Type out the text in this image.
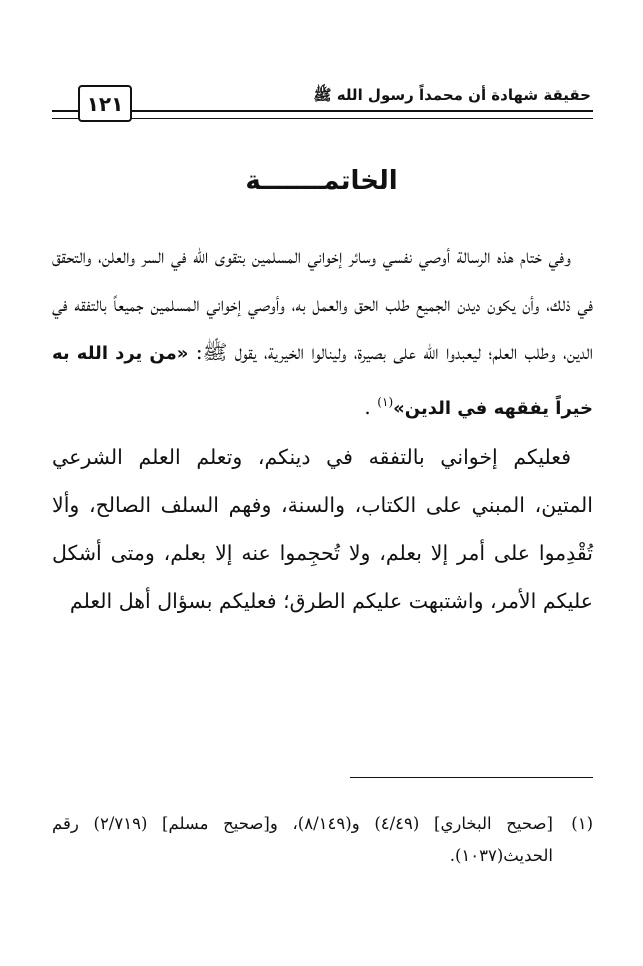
حقيقة شهادة أن محمداً رسول الله ﷺ
١٢١
الخاتمـــــــة

وفي ختام هذه الرسالة أوصي نفسي وسائر إخواني المسلمين بتقوى الله في السر والعلن، والتحقق في ذلك، وأن يكون ديدن الجميع طلب الحق والعمل به، وأوصي إخواني المسلمين جميعاً بالتفقه في الدين، وطلب العلم؛ ليعبدوا الله على بصيرة، ولينالوا الخيرية، يقول ﷺ: «من يرد الله به خيراً يفقهه في الدين»$^{(١)}$ .

فعليكم إخواني بالتفقه في دينكم، وتعلم العلم الشرعي المتين، المبني على الكتاب، والسنة، وفهم السلف الصالح، وألا تُقْدِموا على أمر إلا بعلم، ولا تُحجِموا عنه إلا بعلم، ومتى أشكل عليكم الأمر، واشتبهت عليكم الطرق؛ فعليكم بسؤال أهل العلم

(١)
[صحيح البخاري] (٤/٤٩) و(٨/١٤٩)، و[صحيح مسلم] (٢/٧١٩) رقم الحديث(١٠٣٧).
